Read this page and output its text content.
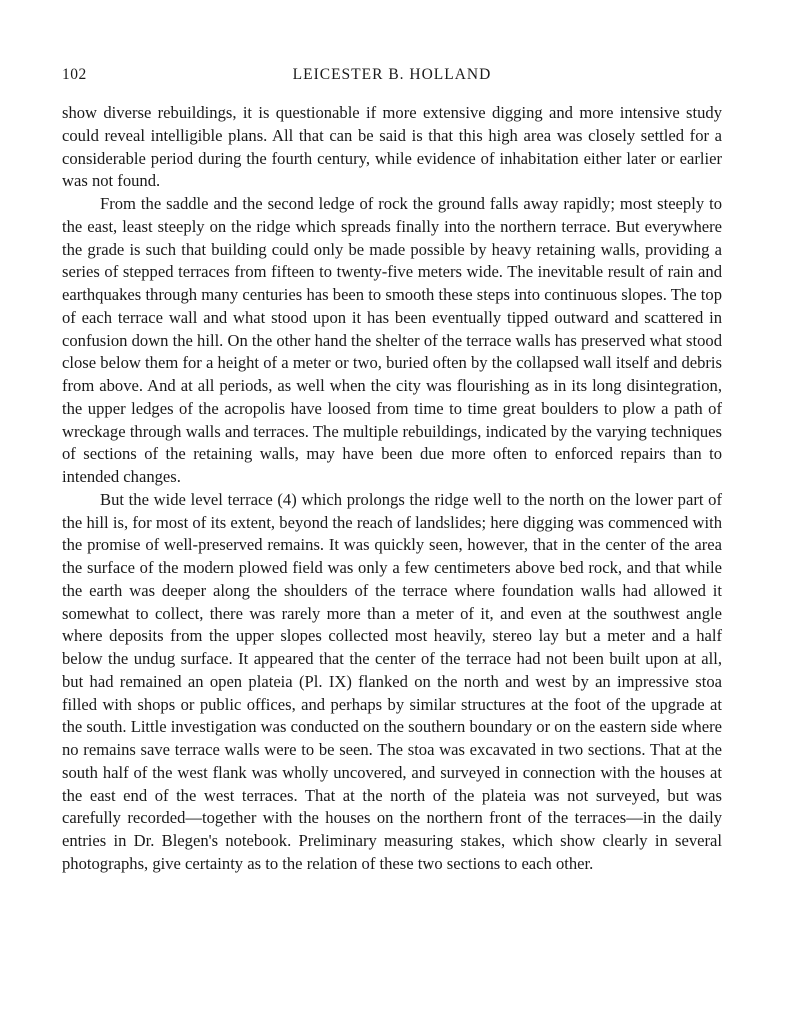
102	LEICESTER B. HOLLAND

show diverse rebuildings, it is questionable if more extensive digging and more intensive study could reveal intelligible plans. All that can be said is that this high area was closely settled for a considerable period during the fourth century, while evidence of inhabitation either later or earlier was not found.

From the saddle and the second ledge of rock the ground falls away rapidly; most steeply to the east, least steeply on the ridge which spreads finally into the northern terrace. But everywhere the grade is such that building could only be made possible by heavy retaining walls, providing a series of stepped terraces from fifteen to twenty-five meters wide. The inevitable result of rain and earthquakes through many centuries has been to smooth these steps into continuous slopes. The top of each terrace wall and what stood upon it has been eventually tipped outward and scattered in confusion down the hill. On the other hand the shelter of the terrace walls has preserved what stood close below them for a height of a meter or two, buried often by the collapsed wall itself and debris from above. And at all periods, as well when the city was flourishing as in its long disintegration, the upper ledges of the acropolis have loosed from time to time great boulders to plow a path of wreckage through walls and terraces. The multiple rebuildings, indicated by the varying techniques of sections of the retaining walls, may have been due more often to enforced repairs than to intended changes.

But the wide level terrace (4) which prolongs the ridge well to the north on the lower part of the hill is, for most of its extent, beyond the reach of landslides; here digging was commenced with the promise of well-preserved remains. It was quickly seen, however, that in the center of the area the surface of the modern plowed field was only a few centimeters above bed rock, and that while the earth was deeper along the shoulders of the terrace where foundation walls had allowed it somewhat to collect, there was rarely more than a meter of it, and even at the southwest angle where deposits from the upper slopes collected most heavily, stereo lay but a meter and a half below the undug surface. It appeared that the center of the terrace had not been built upon at all, but had remained an open plateia (Pl. IX) flanked on the north and west by an impressive stoa filled with shops or public offices, and perhaps by similar structures at the foot of the upgrade at the south. Little investigation was conducted on the southern boundary or on the eastern side where no remains save terrace walls were to be seen. The stoa was excavated in two sections. That at the south half of the west flank was wholly uncovered, and surveyed in connection with the houses at the east end of the west terraces. That at the north of the plateia was not surveyed, but was carefully recorded—together with the houses on the northern front of the terraces—in the daily entries in Dr. Blegen's notebook. Preliminary measuring stakes, which show clearly in several photographs, give certainty as to the relation of these two sections to each other.
